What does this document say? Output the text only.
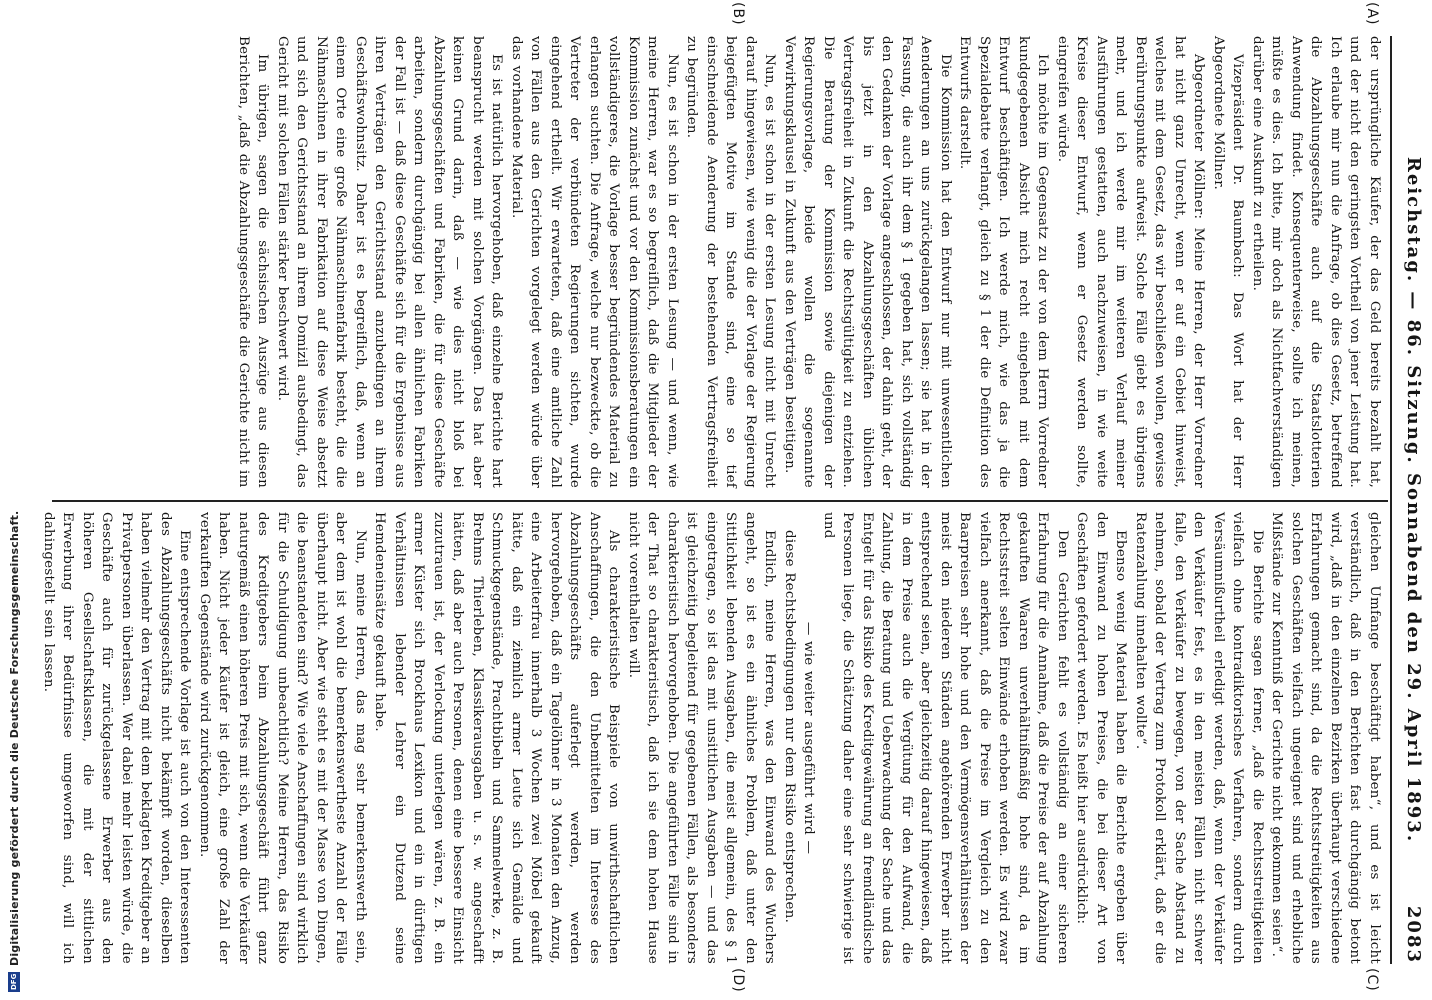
Reichstag. — 86. Sitzung. Sonnabend den 29. April 1893.
2083
(A)
(B)
(C)
(D)

der ursprüngliche Käufer, der das Geld bereits bezahlt hat, und der nicht den geringsten Vortheil von jener Leistung hat. Ich erlaube mir nun die Anfrage, ob dies Gesetz, betreffend die Abzahlungsgeschäfte auch auf die Staatslotterien Anwendung findet. Konsequenterweise, sollte ich meinen, müßte es dies. Ich bitte, mir doch als Nichtfachverständigen darüber eine Auskunft zu ertheilen.

Vizepräsident Dr. Baumbach: Das Wort hat der Herr Abgeordnete Möllner.

Abgeordneter Möllner: Meine Herren, der Herr Vorredner hat nicht ganz Unrecht, wenn er auf ein Gebiet hinweist, welches mit dem Gesetz, das wir beschließen wollen, gewisse Berührungspunkte aufweist. Solche Fälle giebt es übrigens mehr, und ich werde mir im weiteren Verlauf meiner Ausführungen gestatten, auch nachzuweisen, in wie weite Kreise dieser Entwurf, wenn er Gesetz werden sollte, eingreifen würde.

Ich möchte im Gegensatz zu der von dem Herrn Vorredner kundgegebenen Absicht mich recht eingehend mit dem Entwurf beschäftigen. Ich werde mich, wie das ja die Spezialdebatte verlangt, gleich zu § 1 der die Definition des Entwurfs darstellt.

Die Kommission hat den Entwurf nur mit unwesentlichen Aenderungen an uns zurückgelangen lassen; sie hat in der Fassung, die auch ihr dem § 1 gegeben hat, sich vollständig den Gedanken der Vorlage angeschlossen, der dahin geht, der bis jetzt in den Abzahlungsgeschäften üblichen Vertragsfreiheit in Zukunft die Rechtsgültigkeit zu entziehen. Die Beratung der Kommission sowie diejenigen der Regierungsvorlage, beide wollen die sogenannte Verwirkungsklausel in Zukunft aus den Verträgen beseitigen.

Nun, es ist schon in der ersten Lesung nicht mit Unrecht darauf hingewiesen, wie wenig die der Vorlage der Regierung beigefügten Motive im Stande sind, eine so tief einschneidende Aenderung der bestehenden Vertragsfreiheit zu begründen.

Nun, es ist schon in der ersten Lesung — und wenn, wie meine Herren, war es so begreiflich, daß die Mitglieder der Kommission zunächst und vor den Kommissionsberatungen ein vollständigeres, die Vorlage besser begründendes Material zu erlangen suchten. Die Anfrage, welche nur bezweckte, ob die Vertreter der verbündeten Regierungen sichten, wurde eingehend ertheilt. Wir erwarteten, daß eine amtliche Zahl von Fällen aus den Gerichten vorgelegt werden würde über das vorhandene Material.

Es ist natürlich hervorgehoben, daß einzelne Berichte hart beansprucht werden mit solchen Vorgängen. Das hat aber keinen Grund darin, daß — wie dies nicht bloß bei Abzahlungsgeschäften und Fabriken, die für diese Geschäfte arbeiten, sondern durchgängig bei allen ähnlichen Fabriken der Fall ist — daß diese Geschäfte sich für die Ergebnisse aus ihren Verträgen den Gerichtsstand anzubedingen an ihrem Geschäftswohnsitz. Daher ist es begreiflich, daß, wenn an einem Orte eine große Nähmaschinenfabrik besteht, die die Nähmaschinen in ihrer Fabrikation auf diese Weise absetzt und sich den Gerichtsstand an ihrem Domizil ausbedingt, das Gericht mit solchen Fällen stärker beschwert wird.

Im übrigen, sagen die sächsischen Auszüge aus diesen Berichten, „daß die Abzahlungsgeschäfte die Gerichte nicht im

gleichen Umfange beschäftigt haben“, und es ist leicht verständlich, daß in den Berichten fast durchgängig betont wird, „daß in den einzelnen Bezirken überhaupt verschiedene Erfahrungen gemacht sind, da die Rechtsstreitigkeiten aus solchen Geschäften vielfach ungeeignet sind und erhebliche Mißstände zur Kenntniß der Gerichte nicht gekommen seien“.

Die Berichte sagen ferner, „daß die Rechtsstreitigkeiten vielfach ohne kontradiktorisches Verfahren, sondern durch Versäumnißurtheil erledigt werden, daß, wenn der Verkäufer den Verkäufer fest, es in den meisten Fällen nicht schwer falle, den Verkäufer zu bewegen, von der Sache Abstand zu nehmen, sobald der Vertrag zum Protokoll erklärt, daß er die Ratenzahlung innehalten wollte“.

Ebenso wenig Material haben die Berichte ergeben über den Einwand zu hohen Preises, die bei dieser Art von Geschäften gefordert werden. Es heißt hier ausdrücklich:

Den Gerichten fehlt es vollständig an einer sicheren Erfahrung für die Annahme, daß die Preise der auf Abzahlung gekauften Waaren unverhältnißmäßig hohe sind, da im Rechtsstreit selten Einwände erhoben werden. Es wird zwar vielfach anerkannt, daß die Preise im Vergleich zu den Baarpreisen sehr hohe und den Vermögensverhältnissen der meist den niederen Ständen angehörenden Erwerber nicht entsprechend seien, aber gleichzeitig darauf hingewiesen, daß in dem Preise auch die Vergütung für den Aufwand, die Zahlung, die Beratung und Ueberwachung der Sache und das Entgelt für das Risiko des Kreditgewährung an fremdländische Personen liege, die Schätzung daher eine sehr schwierige ist und

— wie weiter ausgeführt wird —

diese Rechtsbedingungen nur dem Risiko entsprechen.

Endlich, meine Herren, was den Einwand des Wuchers angeht, so ist es ein ähnliches Problem, daß unter den Sittlichkeit lebenden Ausgaben, die meist allgemein, des § 1 eingetragen, so ist das mit unsittlichen Ausgaben — und das ist gleichzeitig begleitend für gegebenen Fällen, als besonders charakteristisch hervorgehoben. Die angeführten Fälle sind in der That so charakteristisch, daß ich sie dem hohen Hause nicht vorenthalten will.

Als charakteristische Beispiele von unwirthschaftlichen Anschaffungen, die den Unbemittelten im Interesse des Abzahlungsgeschäfts auferlegt werden, werden hervorgehoben, daß ein Tagelöhner in 3 Monaten den Anzug, eine Arbeiterfrau innerhalb 3 Wochen zwei Möbel gekauft hätte, daß ein ziemlich armer Leute sich Gemälde und Schmuckgegenstände, Prachtbibeln und Sammelwerke, z. B. Brehms Thierleben, Klassikerausgaben u. s. w. angeschafft hätten, daß aber auch Personen, denen eine bessere Einsicht zuzutrauen ist, der Verlockung unterlegen wären, z. B. ein armer Küster sich Brockhaus Lexikon und ein in dürftigen Verhältnissen lebender Lehrer ein Dutzend seine Hemdeneinsätze gekauft habe.

Nun, meine Herren, das mag sehr bemerkenswerth sein, aber dem ist wohl die bemerkenswertheste Anzahl der Fälle überhaupt nicht. Aber wie steht es mit der Masse von Dingen, die beanstandeten sind? Wie viele Anschaffungen sind wirklich für die Schuldigung unbeachtlich? Meine Herren, das Risiko des Kreditgebers beim Abzahlungsgeschäft führt ganz naturgemäß einen höheren Preis mit sich, wenn die Verkäufer haben. Nicht jeder Käufer ist gleich, eine große Zahl der verkauften Gegenstände wird zurückgenommen.

Eine entsprechende Vorlage ist auch von den Interessenten des Abzahlungsgeschäfts nicht bekämpft worden, dieselben haben vielmehr den Vertrag mit dem beklagten Kreditgeber an Privatpersonen überlassen. Wer dabei mehr leisten würde, die Geschäfte auch für zurückgelassene Erwerber aus den höheren Gesellschaftsklassen, die mit der sittlichen Erwerbung ihrer Bedürfnisse umgeworfen sind, will ich dahingestellt sein lassen.

Digitalisierung gefördert durch die Deutsche Forschungsgemeinschaft.
DFG
